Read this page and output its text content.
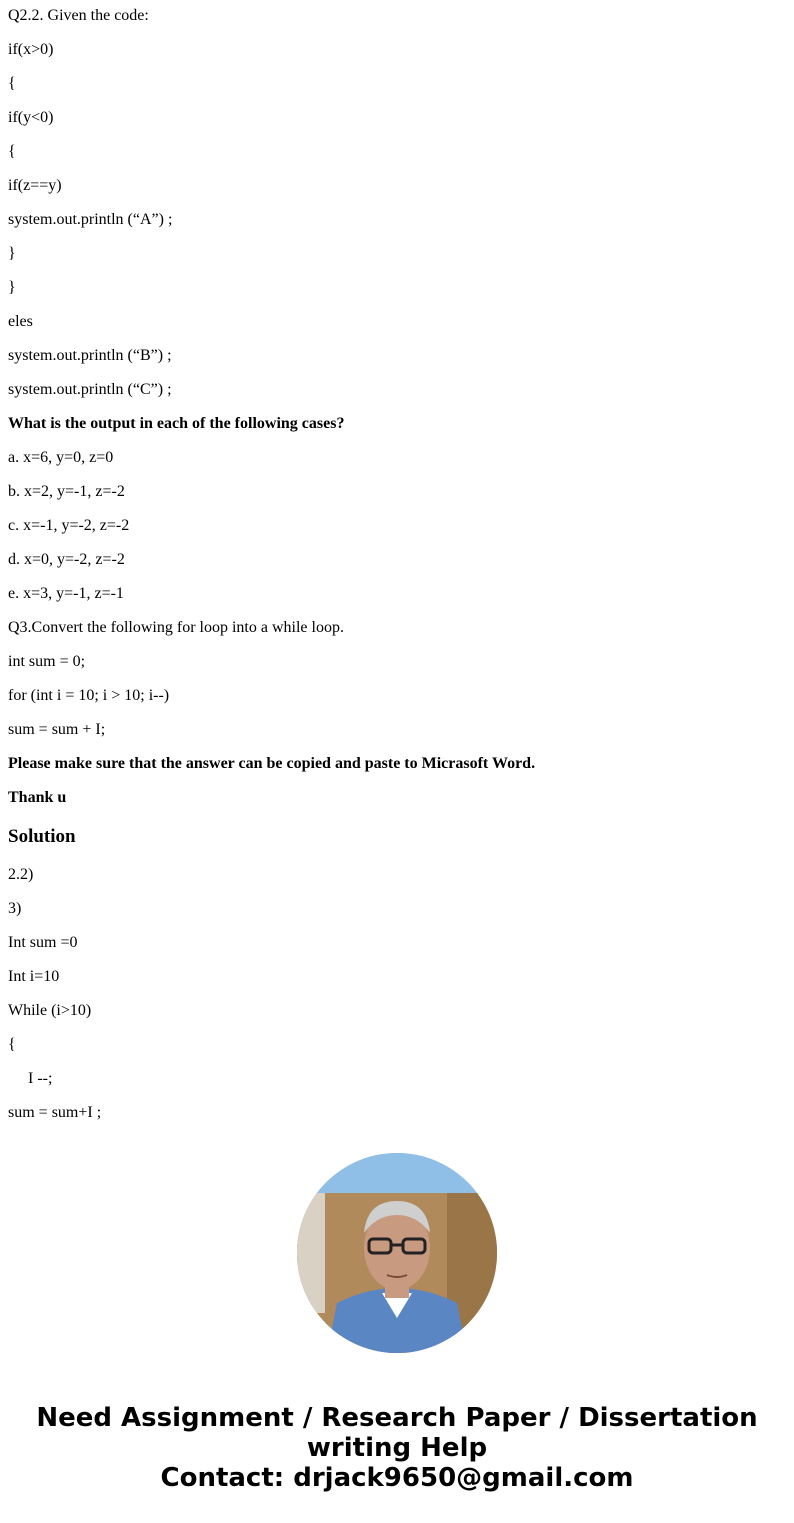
Q2.2. Given the code:

if(x>0)

{

if(y<0)

{

if(z==y)

system.out.println (“A”) ;

}

}

eles

system.out.println (“B”) ;

system.out.println (“C”) ;

What is the output in each of the following cases?

a. x=6, y=0, z=0

b. x=2, y=-1, z=-2

c. x=-1, y=-2, z=-2

d. x=0, y=-2, z=-2

e. x=3, y=-1, z=-1

Q3.Convert the following for loop into a while loop.

int sum = 0;

for (int i = 10; i > 10; i--)

sum = sum + I;

Please make sure that the answer can be copied and paste to Micrasoft Word.

Thank u

Solution

2.2)

3)

Int sum =0

Int i=10

While (i>10)

{

I --;

sum = sum+I ;

Need Assignment / Research Paper / Dissertation
writing Help
Contact: drjack9650@gmail.com
